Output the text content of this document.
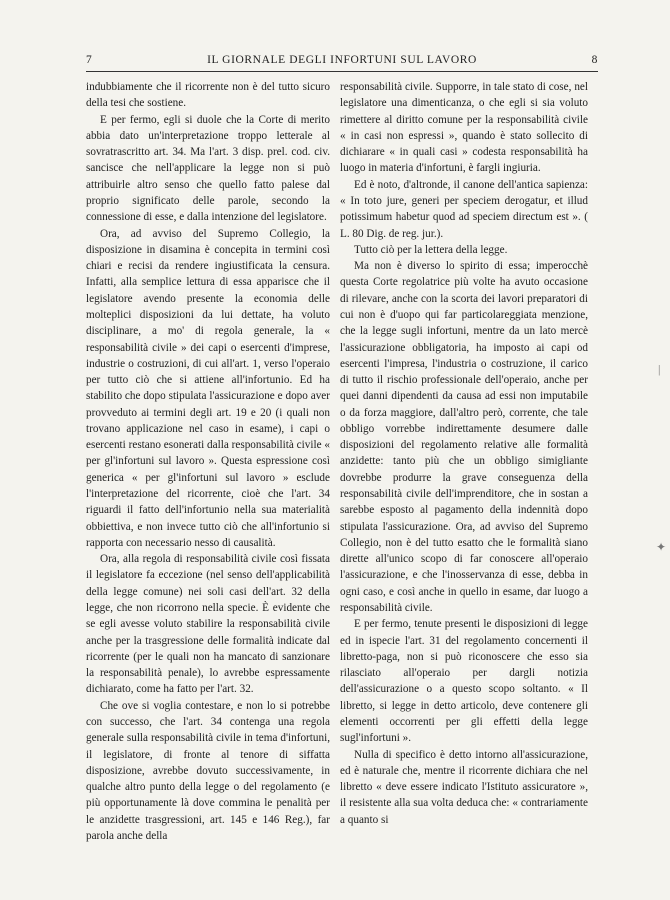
7	IL GIORNALE DEGLI INFORTUNI SUL LAVORO	8

indubbiamente che il ricorrente non è del tutto sicuro della tesi che sostiene.

E per fermo, egli si duole che la Corte di merito abbia dato un'interpretazione troppo letterale al sovratrascritto art. 34. Ma l'art. 3 disp. prel. cod. civ. sancisce che nell'applicare la legge non si può attribuirle altro senso che quello fatto palese dal proprio significato delle parole, secondo la connessione di esse, e dalla intenzione del legislatore.

Ora, ad avviso del Supremo Collegio, la disposizione in disamina è concepita in termini così chiari e recisi da rendere ingiustificata la censura. Infatti, alla semplice lettura di essa apparisce che il legislatore avendo presente la economia delle molteplici disposizioni da lui dettate, ha voluto disciplinare, a mo' di regola generale, la « responsabilità civile » dei capi o esercenti d'imprese, industrie o costruzioni, di cui all'art. 1, verso l'operaio per tutto ciò che si attiene all'infortunio. Ed ha stabilito che dopo stipulata l'assicurazione e dopo aver provveduto ai termini degli art. 19 e 20 (i quali non trovano applicazione nel caso in esame), i capi o esercenti restano esonerati dalla responsabilità civile « per gl'infortuni sul lavoro ». Questa espressione così generica « per gl'infortuni sul lavoro » esclude l'interpretazione del ricorrente, cioè che l'art. 34 riguardi il fatto dell'infortunio nella sua materialità obbiettiva, e non invece tutto ciò che all'infortunio si rapporta con necessario nesso di causalità.

Ora, alla regola di responsabilità civile così fissata il legislatore fa eccezione (nel senso dell'applicabilità della legge comune) nei soli casi dell'art. 32 della legge, che non ricorrono nella specie. È evidente che se egli avesse voluto stabilire la responsabilità civile anche per la trasgressione delle formalità indicate dal ricorrente (per le quali non ha mancato di sanzionare la responsabilità penale), lo avrebbe espressamente dichiarato, come ha fatto per l'art. 32.

Che ove si voglia contestare, e non lo si potrebbe con successo, che l'art. 34 contenga una regola generale sulla responsabilità civile in tema d'infortuni, il legislatore, di fronte al tenore di siffatta disposizione, avrebbe dovuto successivamente, in qualche altro punto della legge o del regolamento (e più opportunamente là dove commina le penalità per le anzidette trasgressioni, art. 145 e 146 Reg.), far parola anche della

responsabilità civile. Supporre, in tale stato di cose, nel legislatore una dimenticanza, o che egli si sia voluto rimettere al diritto comune per la responsabilità civile « in casi non espressi », quando è stato sollecito di dichiarare « in quali casi » codesta responsabilità ha luogo in materia d'infortuni, è fargli ingiuria.

Ed è noto, d'altronde, il canone dell'antica sapienza: « In toto jure, generi per speciem derogatur, et illud potissimum habetur quod ad speciem directum est ». ( L. 80 Dig. de reg. jur.).

Tutto ciò per la lettera della legge.

Ma non è diverso lo spirito di essa; imperocchè questa Corte regolatrice più volte ha avuto occasione di rilevare, anche con la scorta dei lavori preparatori di cui non è d'uopo qui far particolareggiata menzione, che la legge sugli infortuni, mentre da un lato mercè l'assicurazione obbligatoria, ha imposto ai capi od esercenti l'impresa, l'industria o costruzione, il carico di tutto il rischio professionale dell'operaio, anche per quei danni dipendenti da causa ad essi non imputabile o da forza maggiore, dall'altro però, corrente, che tale obbligo vorrebbe indirettamente desumere dalle disposizioni del regolamento relative alle formalità anzidette: tanto più che un obbligo simigliante dovrebbe produrre la grave conseguenza della responsabilità civile dell'imprenditore, che in sostan a sarebbe esposto al pagamento della indennità dopo stipulata l'assicurazione. Ora, ad avviso del Supremo Collegio, non è del tutto esatto che le formalità siano dirette all'unico scopo di far conoscere all'operaio l'assicurazione, e che l'inosservanza di esse, debba in ogni caso, e così anche in quello in esame, dar luogo a responsabilità civile.

E per fermo, tenute presenti le disposizioni di legge ed in ispecie l'art. 31 del regolamento concernenti il libretto-paga, non si può riconoscere che esso sia rilasciato all'operaio per dargli notizia dell'assicurazione o a questo scopo soltanto. « Il libretto, si legge in detto articolo, deve contenere gli elementi occorrenti per gli effetti della legge sugl'infortuni ».

Nulla di specifico è detto intorno all'assicurazione, ed è naturale che, mentre il ricorrente dichiara che nel libretto « deve essere indicato l'Istituto assicuratore », il resistente alla sua volta deduca che: « contrariamente a quanto si

|
✦
